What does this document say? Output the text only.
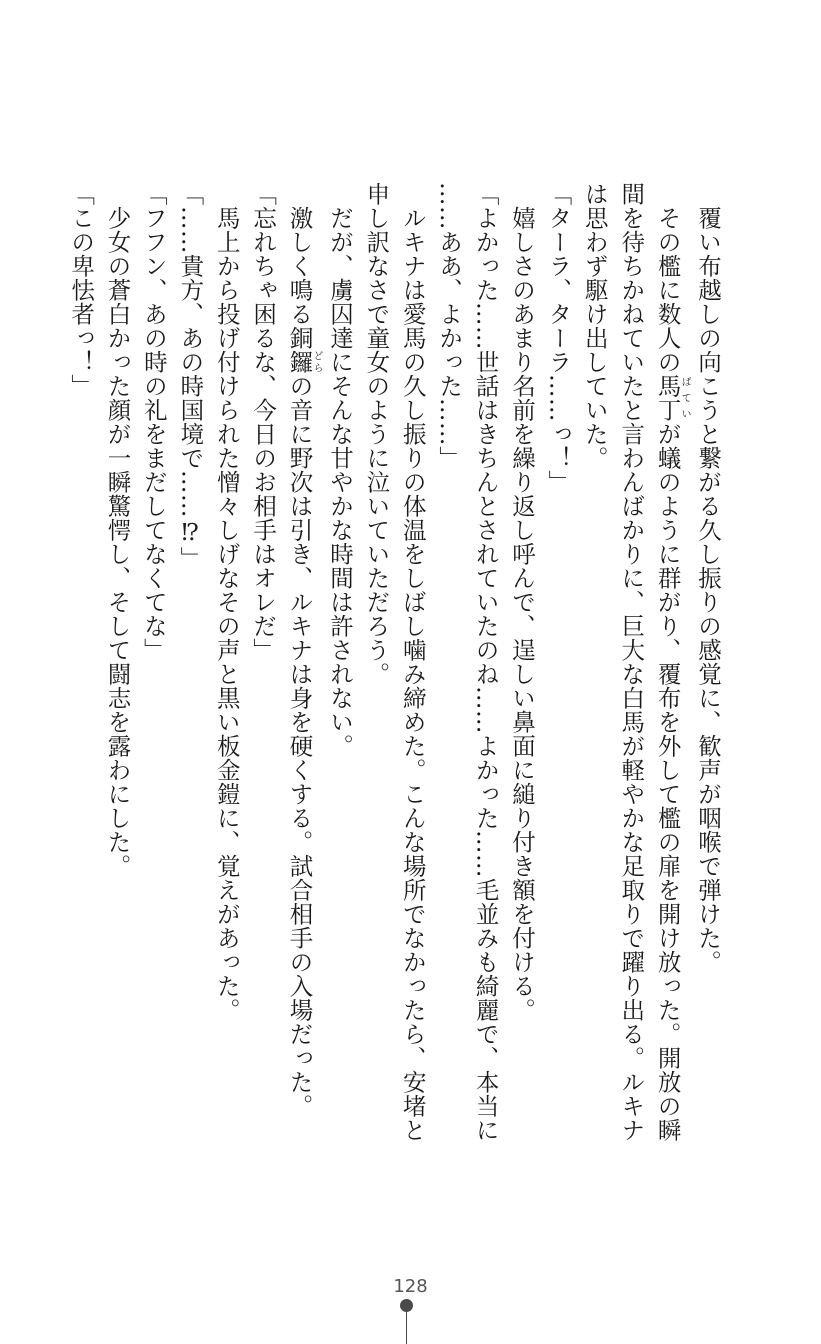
　覆い布越しの向こうと繋がる久し振りの感覚に、歓声が咽喉で弾けた。

　その檻に数人の馬丁ばていが蟻のように群がり、覆布を外して檻の扉を開け放った。開放の瞬

間を待ちかねていたと言わんばかりに、巨大な白馬が軽やかな足取りで躍り出る。ルキナ

は思わず駆け出していた。

「ターラ、ターラ……っ！」

　嬉しさのあまり名前を繰り返し呼んで、逞しい鼻面に縋り付き額を付ける。

「よかった……世話はきちんとされていたのね……よかった……毛並みも綺麗で、本当に

……ああ、よかった……」

　ルキナは愛馬の久し振りの体温をしばし噛み締めた。こんな場所でなかったら、安堵と

申し訳なさで童女のように泣いていただろう。

　だが、虜囚達にそんな甘やかな時間は許されない。

　激しく鳴る銅鑼どらの音に野次は引き、ルキナは身を硬くする。試合相手の入場だった。

「忘れちゃ困るな、今日のお相手はオレだ」

　馬上から投げ付けられた憎々しげなその声と黒い板金鎧に、覚えがあった。

「……貴方、あの時国境で……⁉」

「フフン、あの時の礼をまだしてなくてな」

　少女の蒼白かった顔が一瞬驚愕し、そして闘志を露わにした。

「この卑怯者っ！」

128
